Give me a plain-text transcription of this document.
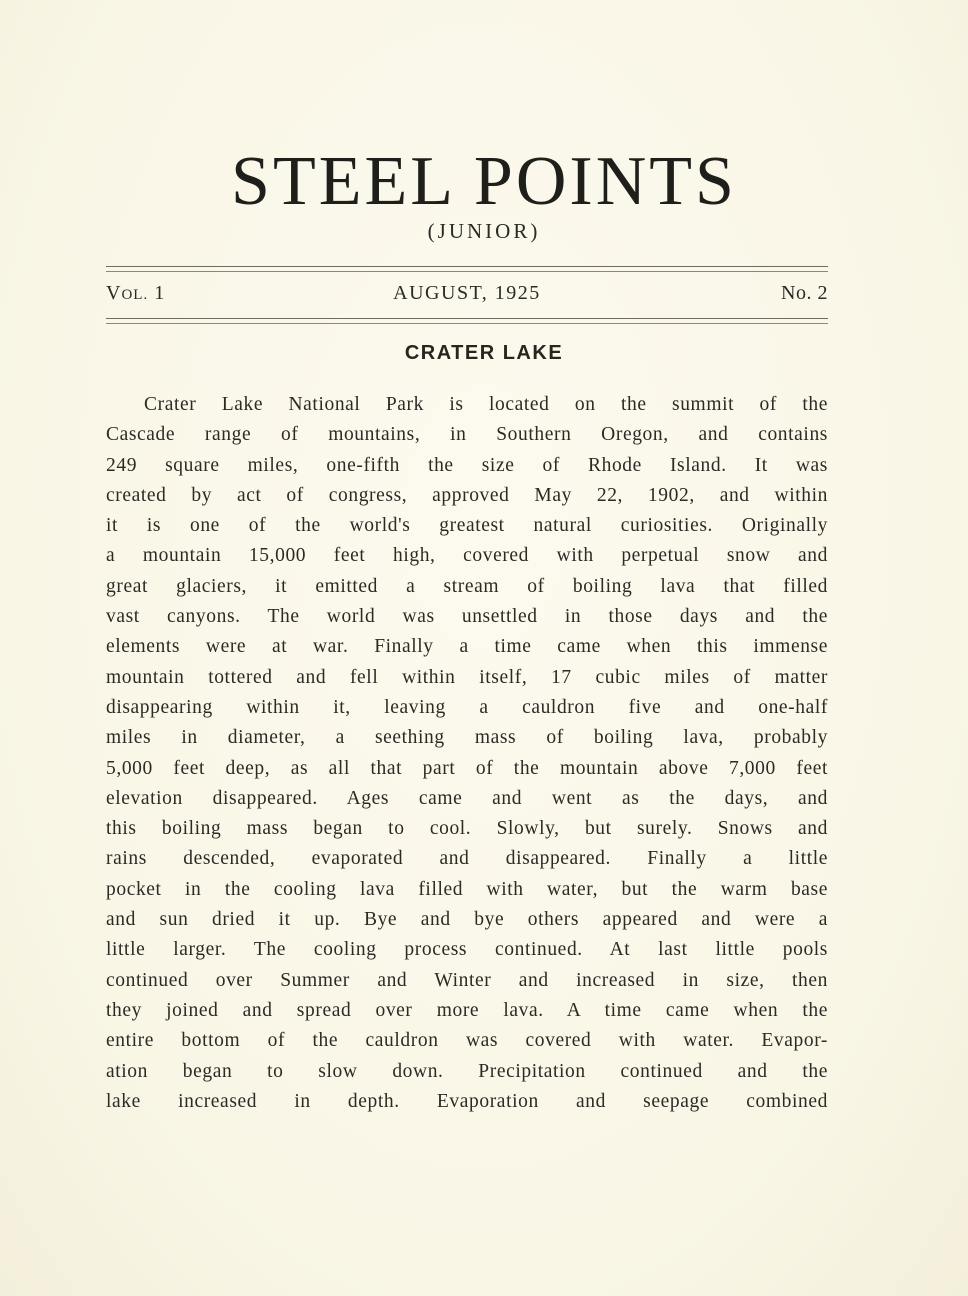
STEEL POINTS
(JUNIOR)
VOL. 1	AUGUST, 1925	No. 2
CRATER LAKE
Crater Lake National Park is located on the summit of the
Cascade range of mountains, in Southern Oregon, and contains
249 square miles, one-fifth the size of Rhode Island. It was
created by act of congress, approved May 22, 1902, and within
it is one of the world's greatest natural curiosities. Originally
a mountain 15,000 feet high, covered with perpetual snow and
great glaciers, it emitted a stream of boiling lava that filled
vast canyons. The world was unsettled in those days and the
elements were at war. Finally a time came when this immense
mountain tottered and fell within itself, 17 cubic miles of matter
disappearing within it, leaving a cauldron five and one-half
miles in diameter, a seething mass of boiling lava, probably
5,000 feet deep, as all that part of the mountain above 7,000 feet
elevation disappeared. Ages came and went as the days, and
this boiling mass began to cool. Slowly, but surely. Snows and
rains descended, evaporated and disappeared. Finally a little
pocket in the cooling lava filled with water, but the warm base
and sun dried it up. Bye and bye others appeared and were a
little larger. The cooling process continued. At last little pools
continued over Summer and Winter and increased in size, then
they joined and spread over more lava. A time came when the
entire bottom of the cauldron was covered with water. Evapor-
ation began to slow down. Precipitation continued and the
lake increased in depth. Evaporation and seepage combined
